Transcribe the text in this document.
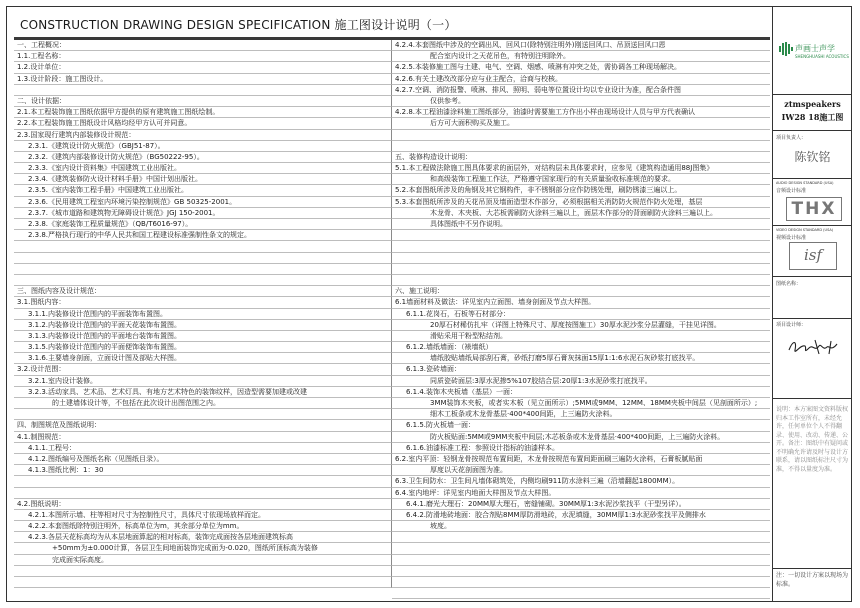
CONSTRUCTION DRAWING DESIGN SPECIFICATION 施工图设计说明（一）
一、工程概况：
1.1.工程名称：
1.2.设计单位：
1.3.设计阶段：施工图设计。
二、设计依据：
2.1.本工程装饰施工图纸依据甲方提供的原有建筑施工图纸绘制。
2.2.本工程装饰施工图纸设计风格均经甲方认可并同意。
2.3.国家现行建筑内部装修设计规范：
2.3.1.《建筑设计防火规范》（GBJ51-87）。
2.3.2.《建筑内部装修设计防火规范》（BG50222-95）。
2.3.3.《室内设计资料集》中国建筑工业出版社。
2.3.4.《建筑装修防火设计材料手册》中国计划出版社。
2.3.5.《室内装饰工程手册》中国建筑工业出版社。
2.3.6.《民用建筑工程室内环境污染控制规范》GB 50325-2001。
2.3.7.《城市道路和建筑物无障碍设计规范》JGJ 150-2001。
2.3.8.《家庭装饰工程质量规范》（QB/T6016-97）。
2.3.8.严格执行现行的中华人民共和国工程建设标准强制性条文的规定。
三、图纸内容及设计规范：
3.1.图纸内容：
3.1.1.内装修设计范围内的平面装饰布置图。
3.1.2.内装修设计范围内的平面天花装饰布置图。
3.1.3.内装修设计范围内的平面地台装饰布置图。
3.1.5.内装修设计范围内的平面便饰装饰布置图。
3.1.6.主要墙身剖面，立面设计图及部贴大样图。
3.2.设计范围：
3.2.1.室内设计装修。
3.2.3.活动家具、艺术品、艺术灯具、有地方艺术特色的装饰纹样，因造型需要加建或改建
的土建墙体设计等，不包括在此次设计出图范围之内。
四、制图规范及图纸说明：
4.1.制图规范：
4.1.1.工程号：
4.1.2.图纸编号及图纸名称（见图纸目录）。
4.1.3.图纸比例：1：30
4.2.图纸说明：
4.2.1.本图所示墙、柱等相对尺寸为控制性尺寸，具体尺寸依现场放样而定。
4.2.2.本套图纸除特别注明外，标高单位为m，其余部分单位为mm。
4.2.3.各层天花标高均为从本层地面算起的相对标高，装饰完成面按各层地面建筑标高
+50mm为±0.000计算，各层卫生间地面装饰完成面为-0.020，图纸所顶标高为装修
完成面实际高度。
4.2.4.本套图纸中涉及的空调出风、回风口(除特别注明外)刚送回风口、吊顶送回风口恩
配合室内设计之天花吊色，有特别注明除外。
4.2.5.本装修施工图与土建、电气、空调、烟感、喷淋有冲突之处，需协调各工种现场解决。
4.2.6.有关土建改改部分应与业主配合，洽商与校核。
4.2.7.空调、消防报警、喷淋、排风、照明、弱电等位置设计均以专业设计为准，配合条件图
仅供参考。
4.2.8.本工程油漆涂料施工图纸部分，油漆时需要施工方作出小样由现场设计人员与甲方代表确认
后方可大面积购买及施工。
五、装修构造设计说明：
5.1.本工程做法除施工图具体要求的面层外，对结构层未具体要求时，应参见《建筑构造通用88J图集》
和高级装饰工程施工作法，严格遵守国家现行的有关质量验收标准规范的要求。
5.2.本套图纸所涉及的角钢及其它钢构件，非不锈钢部分应作防锈处理，刷防锈漆三遍以上。
5.3.本套图纸所涉及的天花吊顶及墙面造型木作部分，必须根据相关消防防火规范作防火处理，基层
木龙骨、木夹板、大芯板需刷防火涂料三遍以上，面层木作部分的背面刷防火涂料三遍以上。
具体图纸中不另作说明。
六、施工说明：
6.1墙面材料及做法：详见室内立面图、墙身剖面及节点大样图。
6.1.1.花岗石，石板等石材部分：
20厚石材稀仿扎牢（详图上特殊尺寸、厚度按图施工）30厚水泥沙浆分层灌缝，干挂见详图。
滑贴采用干粉型粘结剂。
6.1.2.墙纸墙面：（裱墙纸）
墙纸胶贴墙纸局部刮石膏，砂纸打磨5厚石膏灰抹面15厚1:1:6水泥石灰砂浆打底找平。
6.1.3.瓷砖墙面：
同质瓷砖面层:3厚水泥掺5%107胶结合层:20厚1:3水泥砂浆打底找平。
6.1.4.装饰木夹板墙（基层）一面：
3MM装饰木夹板，或者实木板（见立面所示）;5MM或9MM、12MM、18MM夹板中间层（见剖面所示）;
细木工板条或木龙骨基层·400*400间距，上三遍防火涂料。
6.1.5.防火板墙一面：
防火板贴面:5MM或9MM夹板中间层;木芯板条或木龙骨基层·400*400间距，上三遍防火涂料。
6.1.6.油漆标准工程：参照设计指标的油漆样本。
6.2.室内平顶：轻钢龙骨按规范布置间距，木龙骨按规范布置间距面刷三遍防火涂料，石膏板腻贴面
厚度以天花剖面图为准。
6.3.卫生间防水：卫生间凡墙体砌筑处，内侧均刷911防水涂料三遍（沿墙翻起1800MM）。
6.4.室内地坪：详见室内地面大样图及节点大样图。
6.4.1.磨光大理石：20MM厚大理石，密缝铺砌。30MM厚1:3水泥沙浆找平（干型另详）。
6.4.2.防滑地砖地面：胶合剂贴8MM厚防滑地砖，水泥填缝，30MM厚1:3水泥砂浆找平及侧排水
坡度。
声画士声学
SHENGHUASHI ACOUSTICS
ztmspeakers
IW28 18施工图
项目负责人：
陈钦铭
AUDIO DESIGN STANDARD (USA)
音频设计标准
THX
VIDEO DESIGN STANDARD (USA)
视频设计标准
isf
图纸名称：
项目设计师：
说明：本方案图文资料版权归本工作室所有，未经允许，任何单位个人不得翻录、使用、改动、传递、公开。备注：图纸中有疑问或不明确允许请及时与设计方联系，请以图纸标注尺寸为准，不得以量度为准。
注：一切设计方案以现场为标准。
